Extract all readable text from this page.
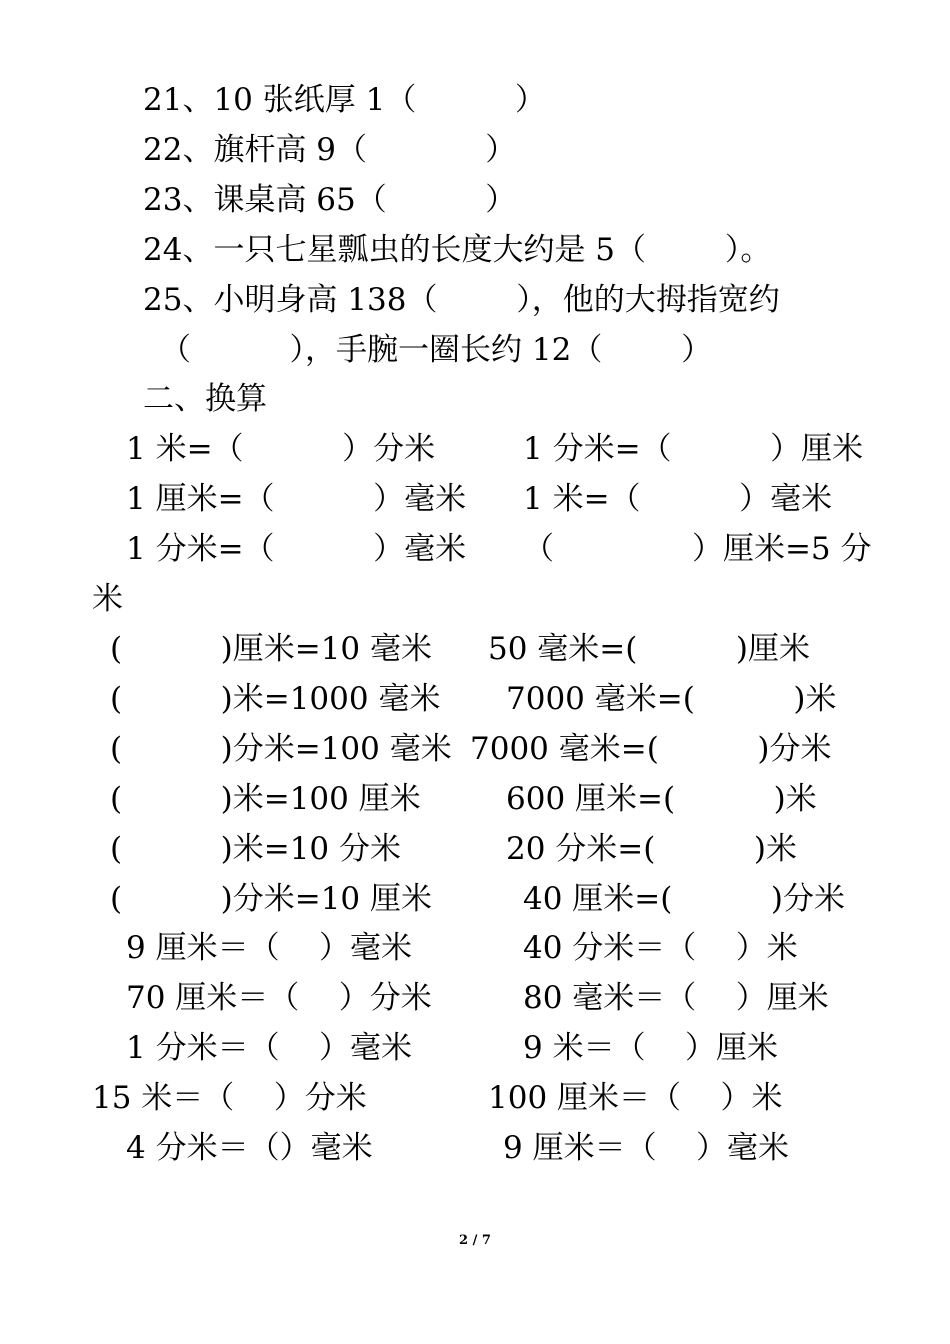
21、10 张纸厚 1（          ）
22、旗杆高 9（            ）
23、课桌高 65（          ）
24、一只七星瓢虫的长度大约是 5（        ）。
25、小明身高 138（        ），他的大拇指宽约
（          ），手腕一圈长约 12（        ）
二、换算
1 米=（          ）分米
1 厘米=（          ）毫米
1 分米=（          ）毫米
米
(          )厘米=10 毫米
(          )米=1000 毫米
(          )分米=100 毫米
(          )米=100 厘米
(          )米=10 分米
(          )分米=10 厘米
9 厘米＝（    ）毫米
70 厘米＝（    ）分米
1 分米＝（    ）毫米
15 米＝（    ）分米
4 分米＝（）毫米
1 分米=（          ）厘米
1 米=（          ）毫米
（              ）厘米=5 分
50 毫米=(          )厘米
7000 毫米=(          )米
7000 毫米=(          )分米
600 厘米=(          )米
20 分米=(          )米
40 厘米=(          )分米
40 分米＝（    ）米
80 毫米＝（    ）厘米
9 米＝（    ）厘米
100 厘米＝（    ）米
9 厘米＝（    ）毫米
2 / 7
